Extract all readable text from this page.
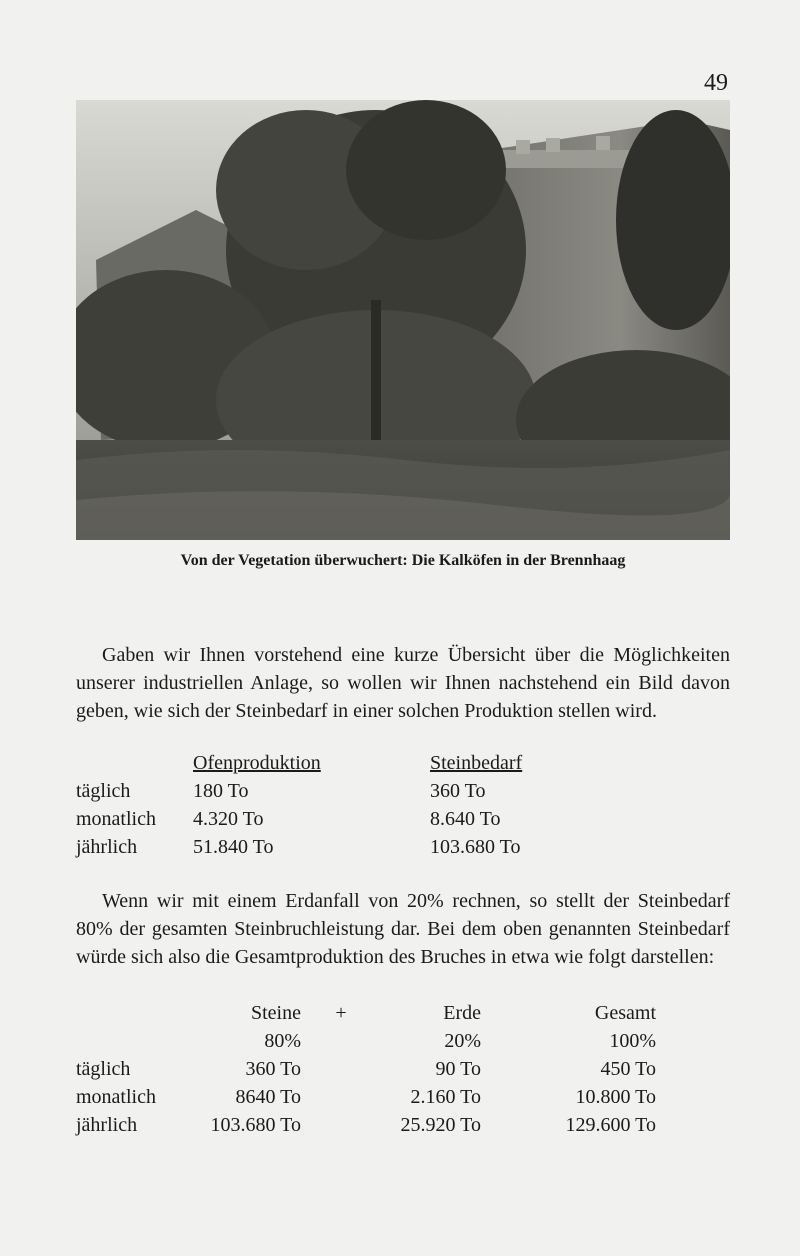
49
Von der Vegetation überwuchert: Die Kalköfen in der Brennhaag

Gaben wir Ihnen vorstehend eine kurze Übersicht über die Möglichkeiten unserer industriellen Anlage, so wollen wir Ihnen nachstehend ein Bild davon geben, wie sich der Steinbedarf in einer solchen Produktion stellen wird.

	Ofenproduktion	Steinbedarf
täglich	180 To	360 To
monatlich	4.320 To	8.640 To
jährlich	51.840 To	103.680 To

Wenn wir mit einem Erdanfall von 20% rechnen, so stellt der Steinbedarf 80% der gesamten Steinbruchleistung dar. Bei dem oben genannten Steinbedarf würde sich also die Gesamtproduktion des Bruches in etwa wie folgt darstellen:

	Steine	+	Erde	Gesamt
	80%		20%	100%
täglich	360 To		90 To	450 To
monatlich	8640 To		2.160 To	10.800 To
jährlich	103.680 To		25.920 To	129.600 To
